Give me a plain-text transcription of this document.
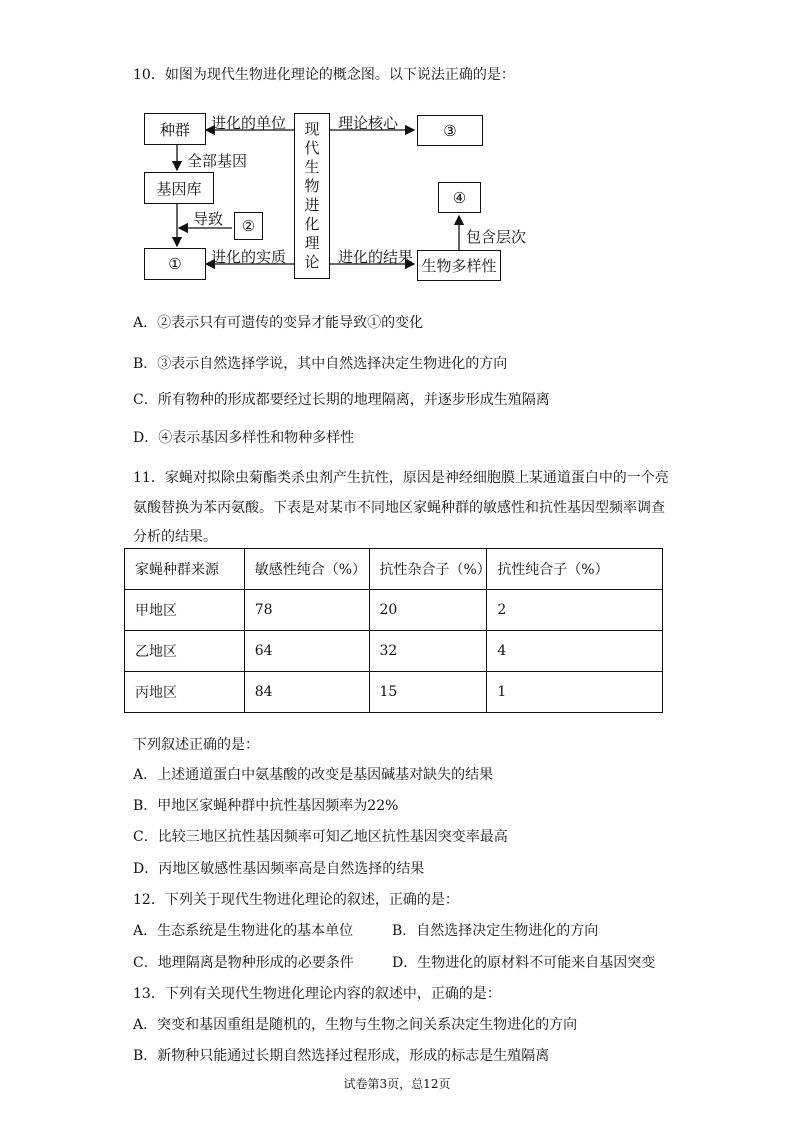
10．如图为现代生物进化理论的概念图。以下说法正确的是：
种群
基因库
①
②
③
④
生物多样性
现
代
生
物
进
化
理
论
进化的单位
全部基因
导致
进化的实质
理论核心
进化的结果
包含层次
A．②表示只有可遗传的变异才能导致①的变化
B．③表示自然选择学说，其中自然选择决定生物进化的方向
C．所有物种的形成都要经过长期的地理隔离，并逐步形成生殖隔离
D．④表示基因多样性和物种多样性
11．家蝇对拟除虫菊酯类杀虫剂产生抗性，原因是神经细胞膜上某通道蛋白中的一个亮
氨酸替换为苯丙氨酸。下表是对某市不同地区家蝇种群的敏感性和抗性基因型频率调查
分析的结果。
家蝇种群来源	敏感性纯合（%）	抗性杂合子（%）	抗性纯合子（%）
甲地区	78	20	2
乙地区	64	32	4
丙地区	84	15	1
下列叙述正确的是：
A．上述通道蛋白中氨基酸的改变是基因碱基对缺失的结果
B．甲地区家蝇种群中抗性基因频率为22%
C．比较三地区抗性基因频率可知乙地区抗性基因突变率最高
D．丙地区敏感性基因频率高是自然选择的结果
12．下列关于现代生物进化理论的叙述，正确的是：
A．生态系统是生物进化的基本单位	B．自然选择决定生物进化的方向
C．地理隔离是物种形成的必要条件	D．生物进化的原材料不可能来自基因突变
13．下列有关现代生物进化理论内容的叙述中，正确的是：
A．突变和基因重组是随机的，生物与生物之间关系决定生物进化的方向
B．新物种只能通过长期自然选择过程形成，形成的标志是生殖隔离
试卷第3页，总12页
